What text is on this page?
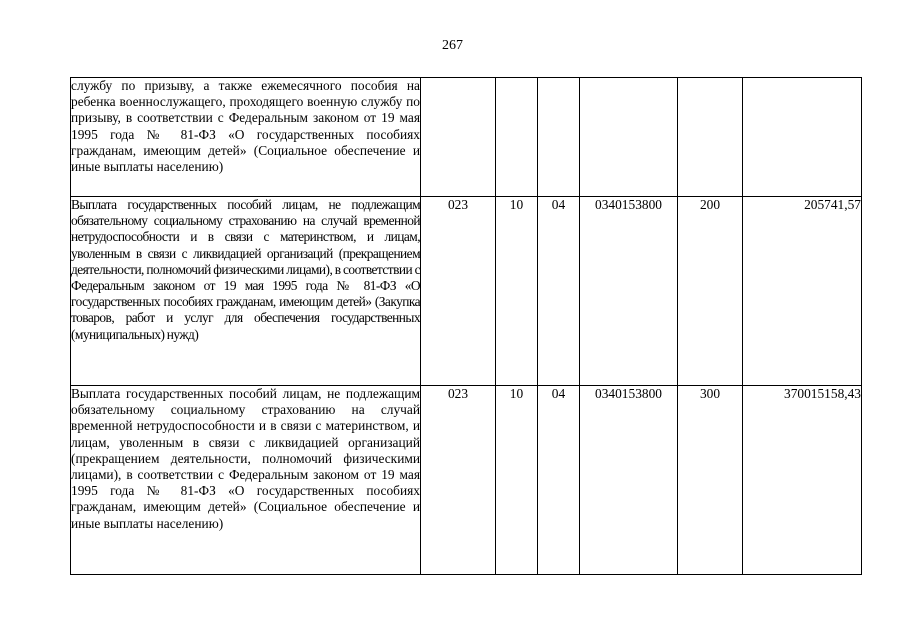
267
службу по призыву, а также ежемесячного пособия на ребенка военнослужащего, проходящего военную службу по призыву, в соответствии с Федеральным законом от 19 мая 1995 года № 81-ФЗ «О государственных пособиях гражданам, имеющим детей» (Социальное обеспечение и иные выплаты населению)						

Выплата государственных пособий лицам, не подлежащим обязательному социальному страхованию на случай временной нетрудоспособности и в связи с материнством, и лицам, уволенным в связи с ликвидацией организаций (прекращением деятельности, полномочий физическими лицами), в соответствии с Федеральным законом от 19 мая 1995 года № 81-ФЗ «О государственных пособиях гражданам, имеющим детей» (Закупка товаров, работ и услуг для обеспечения государственных (муниципальных) нужд)	023	10	04	0340153800	200	205741,57

Выплата государственных пособий лицам, не подлежащим обязательному социальному страхованию на случай временной нетрудоспособности и в связи с материнством, и лицам, уволенным в связи с ликвидацией организаций (прекращением деятельности, полномочий физическими лицами), в соответствии с Федеральным законом от 19 мая 1995 года № 81-ФЗ «О государственных пособиях гражданам, имеющим детей» (Социальное обеспечение и иные выплаты населению)	023	10	04	0340153800	300	370015158,43
